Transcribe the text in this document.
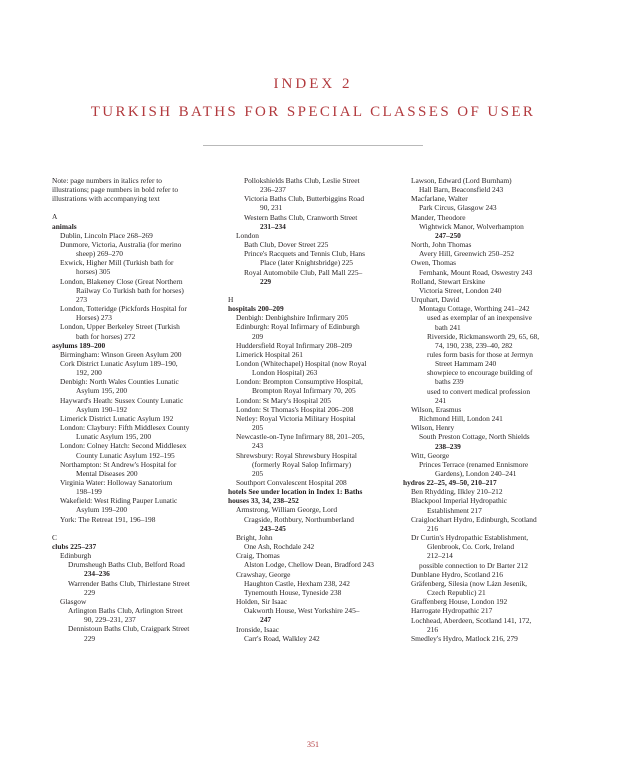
INDEX 2
TURKISH BATHS FOR SPECIAL CLASSES OF USER
Note: page numbers in italics refer to
illustrations; page numbers in bold refer to
illustrations with accompanying text
A
animals
Dublin, Lincoln Place 268–269
Dunmore, Victoria, Australia (for merino
sheep) 269–270
Exwick, Higher Mill (Turkish bath for
horses) 305
London, Blakeney Close (Great Northern
Railway Co Turkish bath for horses)
273
London, Totteridge (Pickfords Hospital for
Horses) 273
London, Upper Berkeley Street (Turkish
bath for horses) 272
asylums 189–200
Birmingham: Winson Green Asylum 200
Cork District Lunatic Asylum 189–190,
192, 200
Denbigh: North Wales Counties Lunatic
Asylum 195, 200
Hayward's Heath: Sussex County Lunatic
Asylum 190–192
Limerick District Lunatic Asylum 192
London: Claybury: Fifth Middlesex County
Lunatic Asylum 195, 200
London: Colney Hatch: Second Middlesex
County Lunatic Asylum 192–195
Northampton: St Andrew's Hospital for
Mental Diseases 200
Virginia Water: Holloway Sanatorium
198–199
Wakefield: West Riding Pauper Lunatic
Asylum 199–200
York: The Retreat 191, 196–198
C
clubs 225–237
Edinburgh
Drumsheugh Baths Club, Belford Road
234–236
Warrender Baths Club, Thirlestane Street
229
Glasgow
Arlington Baths Club, Arlington Street
90, 229–231, 237
Dennistoun Baths Club, Craigpark Street
229
Pollokshields Baths Club, Leslie Street
236–237
Victoria Baths Club, Butterbiggins Road
90, 231
Western Baths Club, Cranworth Street
231–234
London
Bath Club, Dover Street 225
Prince's Racquets and Tennis Club, Hans
Place (later Knightsbridge) 225
Royal Automobile Club, Pall Mall 225–
229
H
hospitals 200–209
Denbigh: Denbighshire Infirmary 205
Edinburgh: Royal Infirmary of Edinburgh
209
Huddersfield Royal Infirmary 208–209
Limerick Hospital 261
London (Whitechapel) Hospital (now Royal
London Hospital) 263
London: Brompton Consumptive Hospital,
Brompton Royal Infirmary 70, 205
London: St Mary's Hospital 205
London: St Thomas's Hospital 206–208
Netley: Royal Victoria Military Hospital
205
Newcastle-on-Tyne Infirmary 88, 201–205,
243
Shrewsbury: Royal Shrewsbury Hospital
(formerly Royal Salop Infirmary)
205
Southport Convalescent Hospital 208
hotels See under location in Index 1: Baths
houses 33, 34, 238–252
Armstrong, William George, Lord
Cragside, Rothbury, Northumberland
243–245
Bright, John
One Ash, Rochdale 242
Craig, Thomas
Alston Lodge, Chellow Dean, Bradford 243
Crawshay, George
Haughton Castle, Hexham 238, 242
Tynemouth House, Tyneside 238
Holden, Sir Isaac
Oakworth House, West Yorkshire 245–
247
Ironside, Isaac
Carr's Road, Walkley 242
Lawson, Edward (Lord Burnham)
Hall Barn, Beaconsfield 243
Macfarlane, Walter
Park Circus, Glasgow 243
Mander, Theodore
Wightwick Manor, Wolverhampton
247–250
North, John Thomas
Avery Hill, Greenwich 250–252
Owen, Thomas
Fernhank, Mount Road, Oswestry 243
Rolland, Stewart Erskine
Victoria Street, London 240
Urquhart, David
Montagu Cottage, Worthing 241–242
used as exemplar of an inexpensive
bath 241
Riverside, Rickmansworth 29, 65, 68,
74, 190, 238, 239–40, 282
rules form basis for those at Jermyn
Street Hammam 240
showpiece to encourage building of
baths 239
used to convert medical profession
241
Wilson, Erasmus
Richmond Hill, London 241
Wilson, Henry
South Preston Cottage, North Shields
238–239
Witt, George
Princes Terrace (renamed Ennismore
Gardens), London 240–241
hydros 22–25, 49–50, 210–217
Ben Rhydding, Ilkley 210–212
Blackpool Imperial Hydropathic
Establishment 217
Craiglockhart Hydro, Edinburgh, Scotland
216
Dr Curtin's Hydropathic Establishment,
Glenbrook, Co. Cork, Ireland
212–214
possible connection to Dr Barter 212
Dunblane Hydro, Scotland 216
Gräfenberg, Silesia (now Lázn Jeseník,
Czech Republic) 21
Graffenberg House, London 192
Harrogate Hydropathic 217
Lochhead, Aberdeen, Scotland 141, 172,
216
Smedley's Hydro, Matlock 216, 279
351
